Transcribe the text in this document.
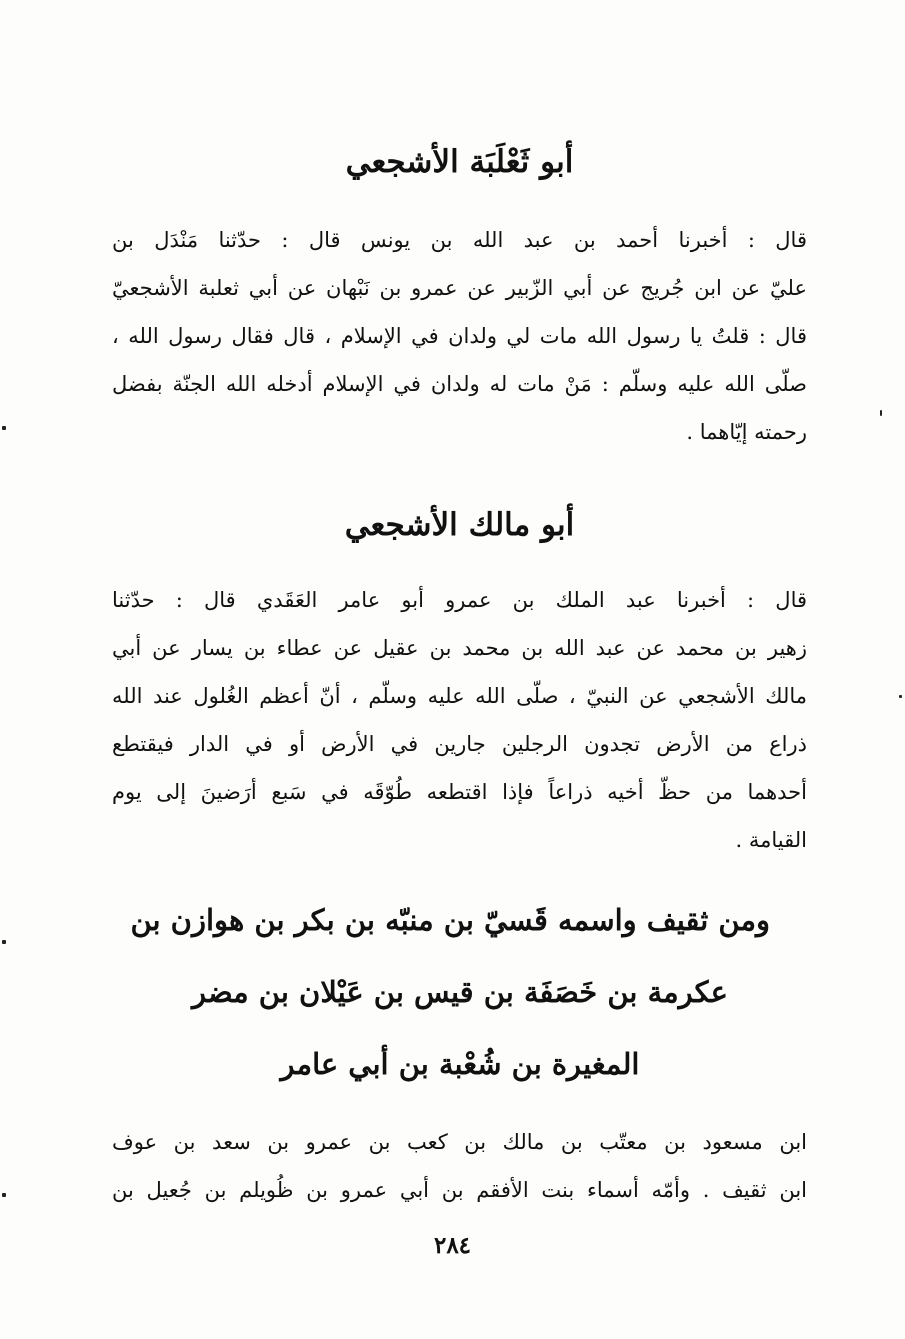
أبو ثَعْلَبَة الأشجعي
قال : أخبرنا أحمد بن عبد الله بن يونس قال : حدّثنا مَنْدَل بن
عليّ عن ابن جُريج عن أبي الزّبير عن عمرو بن نَبْهان عن أبي ثعلبة الأشجعيّ
قال : قلتُ يا رسول الله مات لي ولدان في الإسلام ، قال فقال رسول الله ،
صلّى الله عليه وسلّم : مَنْ مات له ولدان في الإسلام أدخله الله الجنّة بفضل
رحمته إيّاهما .
أبو مالك الأشجعي
قال : أخبرنا عبد الملك بن عمرو أبو عامر العَقَدي قال : حدّثنا
زهير بن محمد عن عبد الله بن محمد بن عقيل عن عطاء بن يسار عن أبي
مالك الأشجعي عن النبيّ ، صلّى الله عليه وسلّم ، أنّ أعظم الغُلول عند الله
ذراع من الأرض تجدون الرجلين جارين في الأرض أو في الدار فيقتطع
أحدهما من حظّ أخيه ذراعاً فإذا اقتطعه طُوّقَه في سَبع أرَضينَ إلى يوم
القيامة .
ومن ثقيف واسمه قَسيّ بن منبّه بن بكر بن هوازن بن
عكرمة بن خَصَفَة بن قيس بن عَيْلان بن مضر
المغيرة بن شُعْبة بن أبي عامر
ابن مسعود بن معتّب بن مالك بن كعب بن عمرو بن سعد بن عوف
ابن ثقيف . وأمّه أسماء بنت الأفقم بن أبي عمرو بن ظُويلم بن جُعيل بن
٢٨٤
